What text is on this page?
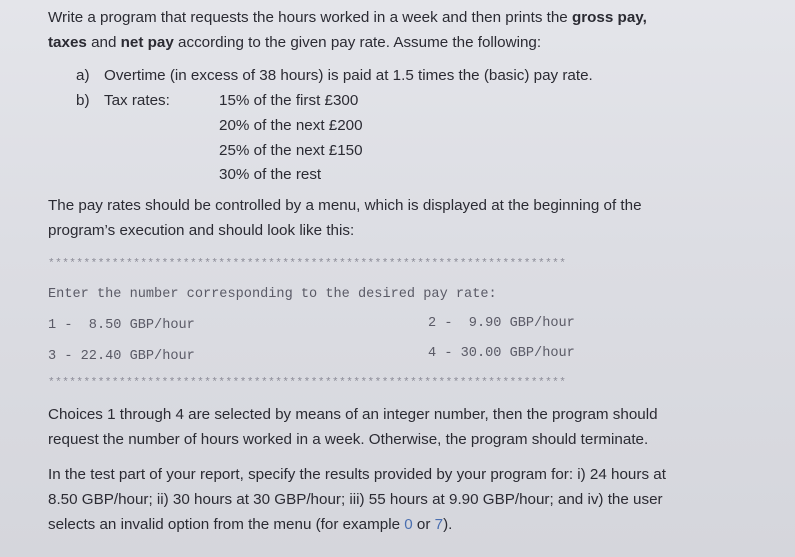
Write a program that requests the hours worked in a week and then prints the gross pay,
taxes and net pay according to the given pay rate. Assume the following:
a) Overtime (in excess of 38 hours) is paid at 1.5 times the (basic) pay rate.
b) Tax rates:	15% of the first £300
20% of the next £200
25% of the next £150
30% of the rest
The pay rates should be controlled by a menu, which is displayed at the beginning of the
program’s execution and should look like this:
*************************************************************************
Enter the number corresponding to the desired pay rate:
1 -  8.50 GBP/hour	2 -  9.90 GBP/hour
3 - 22.40 GBP/hour	4 - 30.00 GBP/hour
*************************************************************************
Choices 1 through 4 are selected by means of an integer number, then the program should
request the number of hours worked in a week. Otherwise, the program should terminate.
In the test part of your report, specify the results provided by your program for: i) 24 hours at
8.50 GBP/hour; ii) 30 hours at 30 GBP/hour; iii) 55 hours at 9.90 GBP/hour; and iv) the user
selects an invalid option from the menu (for example 0 or 7).
